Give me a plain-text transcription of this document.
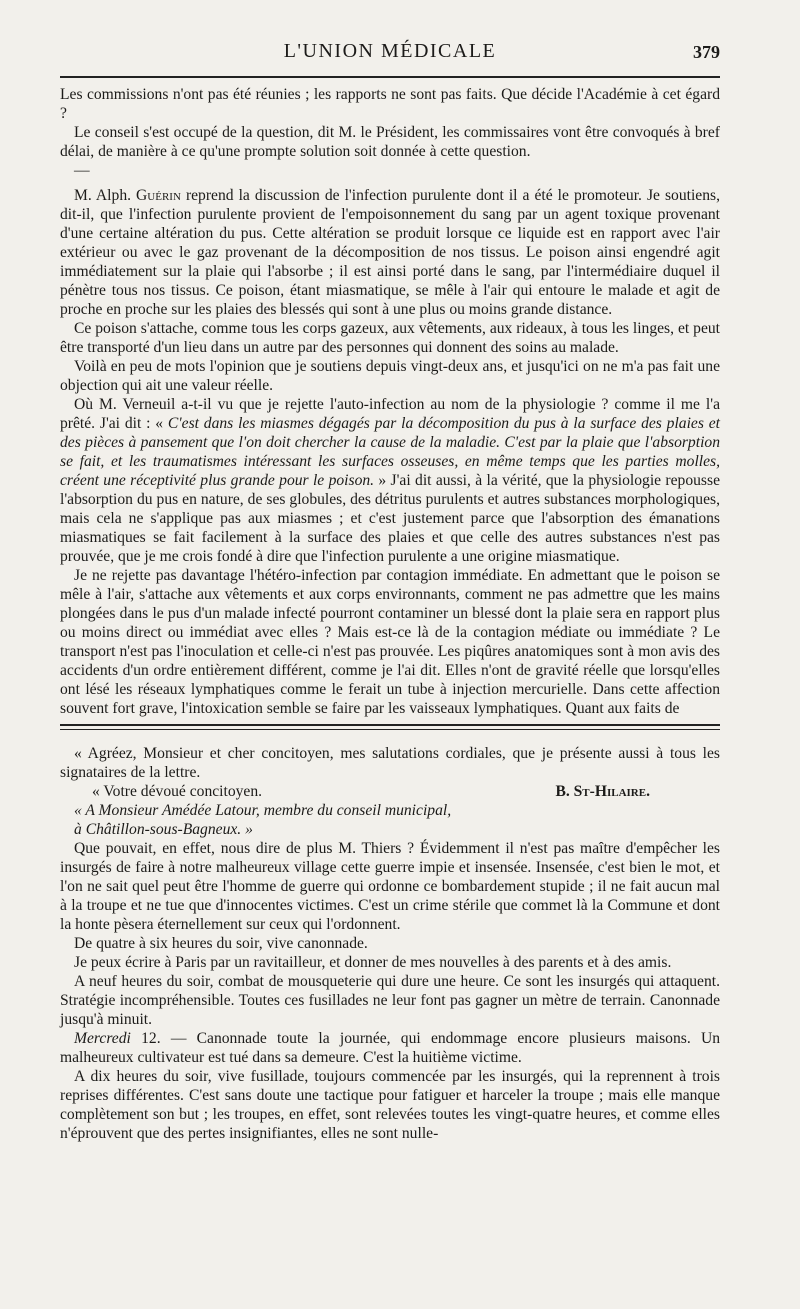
L'UNION MÉDICALE	379

Les commissions n'ont pas été réunies ; les rapports ne sont pas faits. Que décide l'Académie à cet égard ?

Le conseil s'est occupé de la question, dit M. le Président, les commissaires vont être convoqués à bref délai, de manière à ce qu'une prompte solution soit donnée à cette question.

—

M. Alph. Guérin reprend la discussion de l'infection purulente dont il a été le promoteur. Je soutiens, dit-il, que l'infection purulente provient de l'empoisonnement du sang par un agent toxique provenant d'une certaine altération du pus. Cette altération se produit lorsque ce liquide est en rapport avec l'air extérieur ou avec le gaz provenant de la décomposition de nos tissus. Le poison ainsi engendré agit immédiatement sur la plaie qui l'absorbe ; il est ainsi porté dans le sang, par l'intermédiaire duquel il pénètre tous nos tissus. Ce poison, étant miasmatique, se mêle à l'air qui entoure le malade et agit de proche en proche sur les plaies des blessés qui sont à une plus ou moins grande distance.

Ce poison s'attache, comme tous les corps gazeux, aux vêtements, aux rideaux, à tous les linges, et peut être transporté d'un lieu dans un autre par des personnes qui donnent des soins au malade.

Voilà en peu de mots l'opinion que je soutiens depuis vingt-deux ans, et jusqu'ici on ne m'a pas fait une objection qui ait une valeur réelle.

Où M. Verneuil a-t-il vu que je rejette l'auto-infection au nom de la physiologie ? comme il me l'a prêté. J'ai dit : « C'est dans les miasmes dégagés par la décomposition du pus à la surface des plaies et des pièces à pansement que l'on doit chercher la cause de la maladie. C'est par la plaie que l'absorption se fait, et les traumatismes intéressant les surfaces osseuses, en même temps que les parties molles, créent une réceptivité plus grande pour le poison. » J'ai dit aussi, à la vérité, que la physiologie repousse l'absorption du pus en nature, de ses globules, des détritus purulents et autres substances morphologiques, mais cela ne s'applique pas aux miasmes ; et c'est justement parce que l'absorption des émanations miasmatiques se fait facilement à la surface des plaies et que celle des autres substances n'est pas prouvée, que je me crois fondé à dire que l'infection purulente a une origine miasmatique.

Je ne rejette pas davantage l'hétéro-infection par contagion immédiate. En admettant que le poison se mêle à l'air, s'attache aux vêtements et aux corps environnants, comment ne pas admettre que les mains plongées dans le pus d'un malade infecté pourront contaminer un blessé dont la plaie sera en rapport plus ou moins direct ou immédiat avec elles ? Mais est-ce là de la contagion médiate ou immédiate ? Le transport n'est pas l'inoculation et celle-ci n'est pas prouvée. Les piqûres anatomiques sont à mon avis des accidents d'un ordre entièrement différent, comme je l'ai dit. Elles n'ont de gravité réelle que lorsqu'elles ont lésé les réseaux lymphatiques comme le ferait un tube à injection mercurielle. Dans cette affection souvent fort grave, l'intoxication semble se faire par les vaisseaux lymphatiques. Quant aux faits de

« Agréez, Monsieur et cher concitoyen, mes salutations cordiales, que je présente aussi à tous les signataires de la lettre.

« Votre dévoué concitoyen.	B. St-Hilaire.

« A Monsieur Amédée Latour, membre du conseil municipal,

à Châtillon-sous-Bagneux. »

Que pouvait, en effet, nous dire de plus M. Thiers ? Évidemment il n'est pas maître d'empêcher les insurgés de faire à notre malheureux village cette guerre impie et insensée. Insensée, c'est bien le mot, et l'on ne sait quel peut être l'homme de guerre qui ordonne ce bombardement stupide ; il ne fait aucun mal à la troupe et ne tue que d'innocentes victimes. C'est un crime stérile que commet là la Commune et dont la honte pèsera éternellement sur ceux qui l'ordonnent.

De quatre à six heures du soir, vive canonnade.

Je peux écrire à Paris par un ravitailleur, et donner de mes nouvelles à des parents et à des amis.

A neuf heures du soir, combat de mousqueterie qui dure une heure. Ce sont les insurgés qui attaquent. Stratégie incompréhensible. Toutes ces fusillades ne leur font pas gagner un mètre de terrain. Canonnade jusqu'à minuit.

Mercredi 12. — Canonnade toute la journée, qui endommage encore plusieurs maisons. Un malheureux cultivateur est tué dans sa demeure. C'est la huitième victime.

A dix heures du soir, vive fusillade, toujours commencée par les insurgés, qui la reprennent à trois reprises différentes. C'est sans doute une tactique pour fatiguer et harceler la troupe ; mais elle manque complètement son but ; les troupes, en effet, sont relevées toutes les vingt-quatre heures, et comme elles n'éprouvent que des pertes insignifiantes, elles ne sont nulle-
